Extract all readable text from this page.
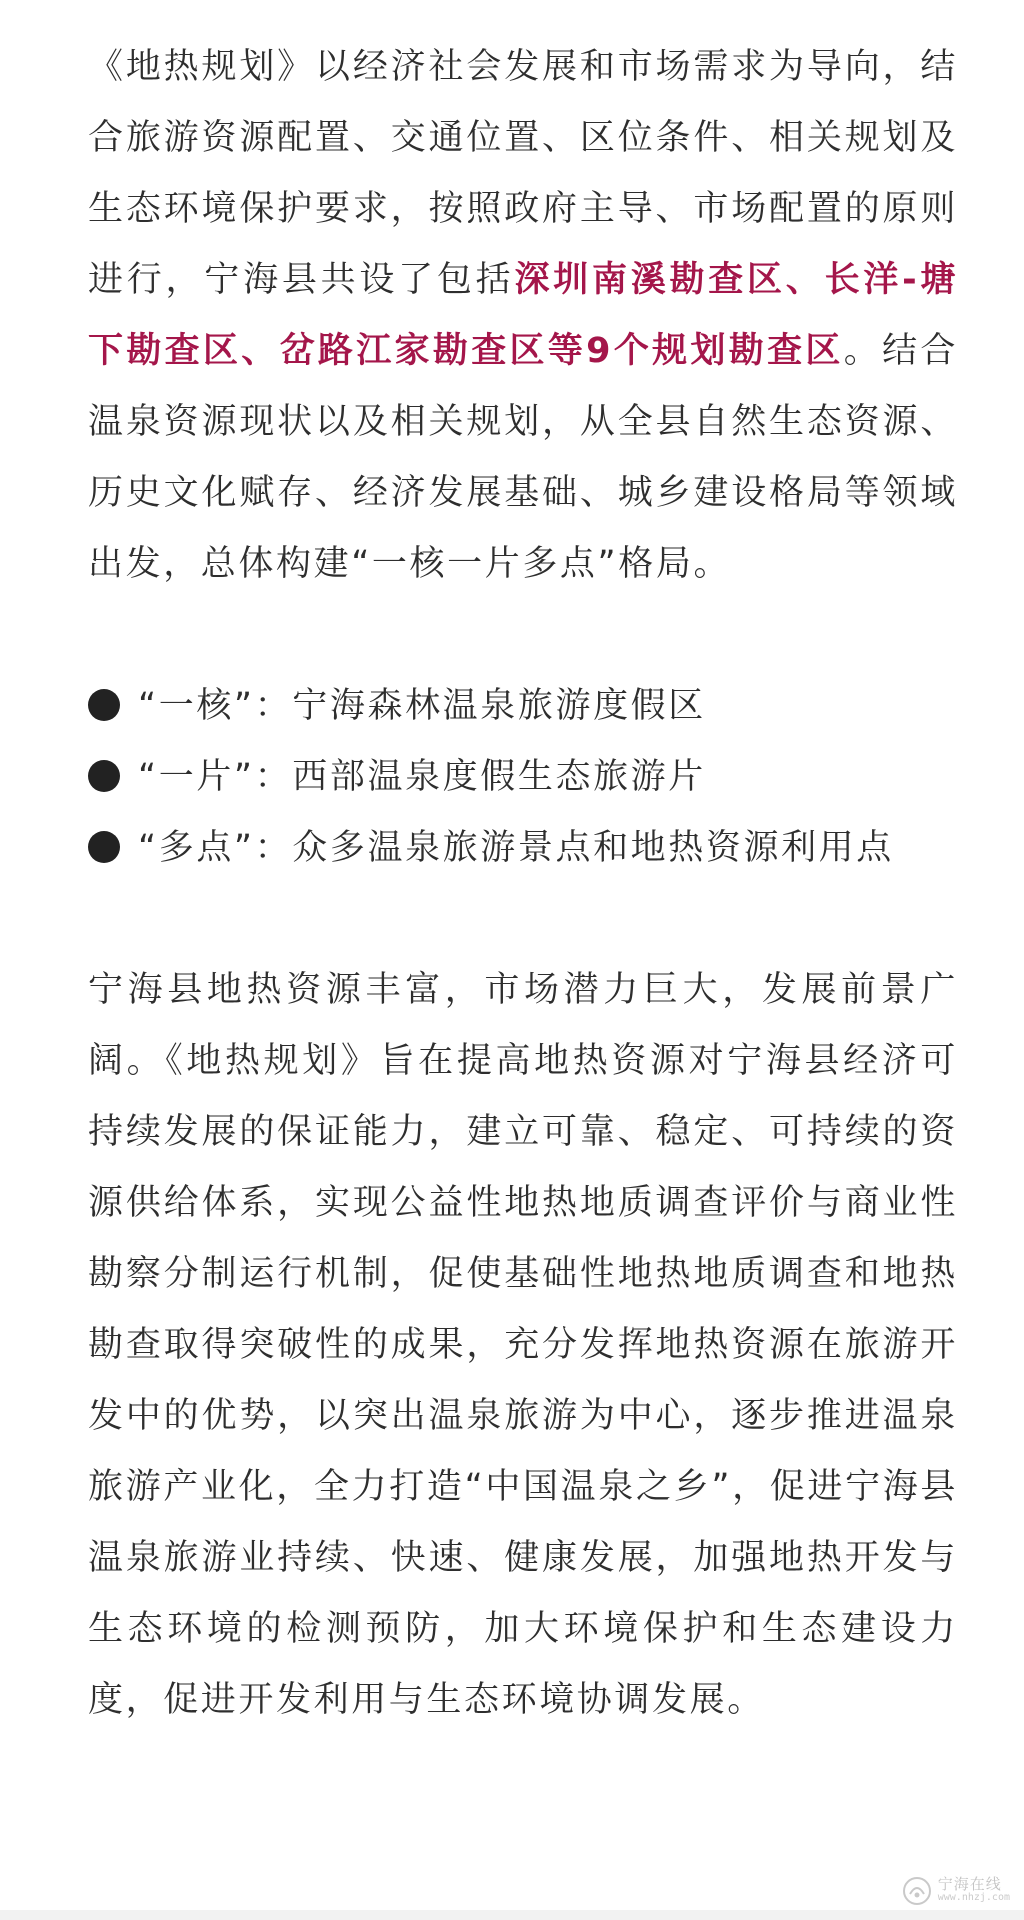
《地热规划》以经济社会发展和市场需求为导向，结合旅游资源配置、交通位置、区位条件、相关规划及生态环境保护要求，按照政府主导、市场配置的原则进行，宁海县共设了包括深圳南溪勘查区、长洋-塘下勘查区、岔路江家勘查区等9个规划勘查区。结合温泉资源现状以及相关规划，从全县自然生态资源、历史文化赋存、经济发展基础、城乡建设格局等领域出发，总体构建“一核一片多点”格局。

“一核”：宁海森林温泉旅游度假区
“一片”：西部温泉度假生态旅游片
“多点”：众多温泉旅游景点和地热资源利用点

宁海县地热资源丰富，市场潜力巨大，发展前景广阔。《地热规划》旨在提高地热资源对宁海县经济可持续发展的保证能力，建立可靠、稳定、可持续的资源供给体系，实现公益性地热地质调查评价与商业性勘察分制运行机制，促使基础性地热地质调查和地热勘查取得突破性的成果，充分发挥地热资源在旅游开发中的优势，以突出温泉旅游为中心，逐步推进温泉旅游产业化，全力打造“中国温泉之乡”，促进宁海县温泉旅游业持续、快速、健康发展，加强地热开发与生态环境的检测预防，加大环境保护和生态建设力度，促进开发利用与生态环境协调发展。

宁海在线
www.nhzj.com
